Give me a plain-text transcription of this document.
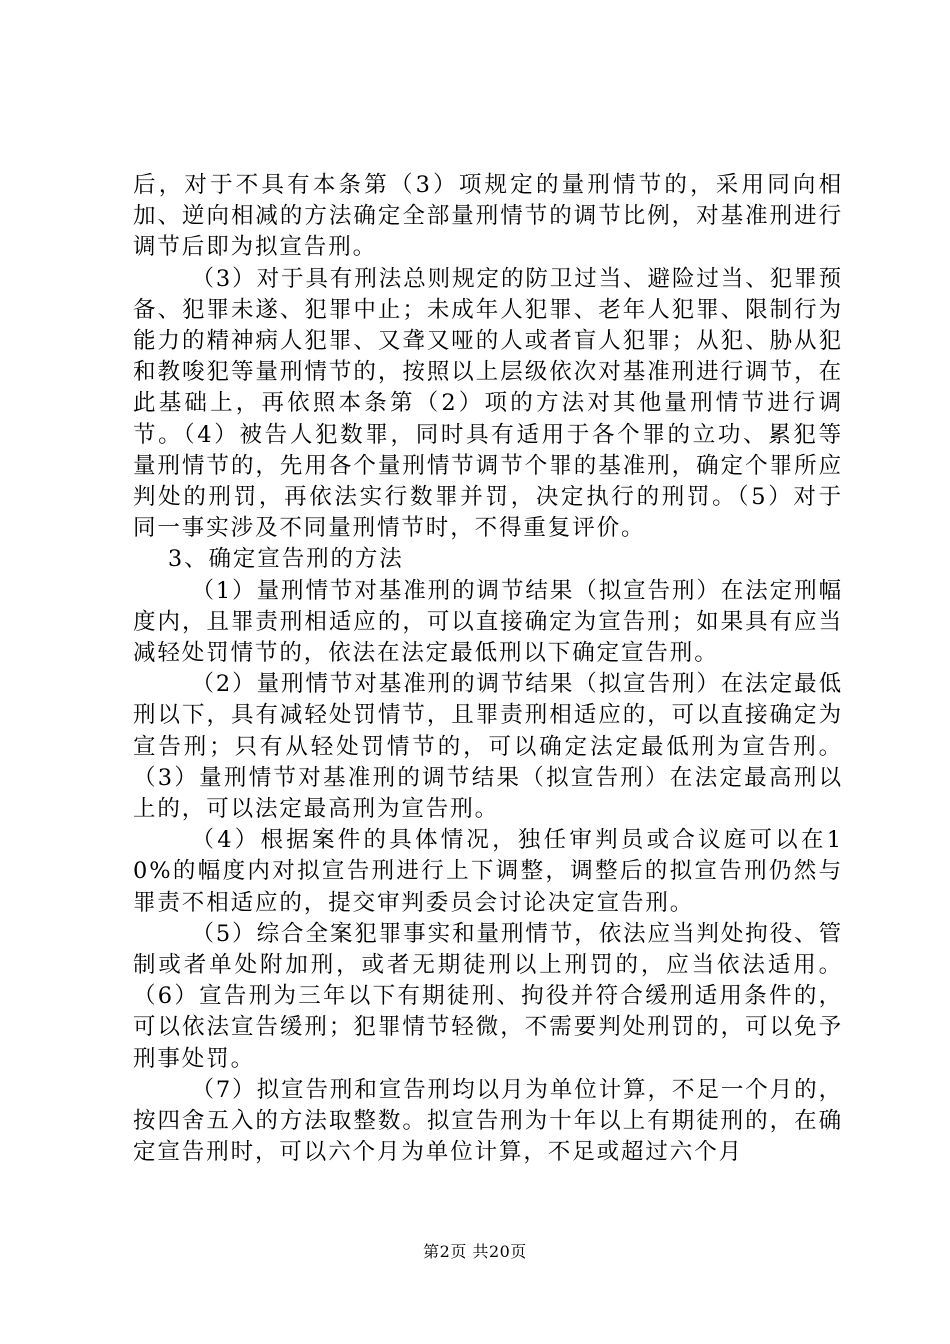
后，对于不具有本条第（3）项规定的量刑情节的，采用同向相加、逆向相减的方法确定全部量刑情节的调节比例，对基准刑进行调节后即为拟宣告刑。

（3）对于具有刑法总则规定的防卫过当、避险过当、犯罪预备、犯罪未遂、犯罪中止；未成年人犯罪、老年人犯罪、限制行为能力的精神病人犯罪、又聋又哑的人或者盲人犯罪；从犯、胁从犯和教唆犯等量刑情节的，按照以上层级依次对基准刑进行调节，在此基础上，再依照本条第（2）项的方法对其他量刑情节进行调节。（4）被告人犯数罪，同时具有适用于各个罪的立功、累犯等量刑情节的，先用各个量刑情节调节个罪的基准刑，确定个罪所应判处的刑罚，再依法实行数罪并罚，决定执行的刑罚。（5）对于同一事实涉及不同量刑情节时，不得重复评价。

3、确定宣告刑的方法

（1）量刑情节对基准刑的调节结果（拟宣告刑）在法定刑幅度内，且罪责刑相适应的，可以直接确定为宣告刑；如果具有应当减轻处罚情节的，依法在法定最低刑以下确定宣告刑。

（2）量刑情节对基准刑的调节结果（拟宣告刑）在法定最低刑以下，具有减轻处罚情节，且罪责刑相适应的，可以直接确定为宣告刑；只有从轻处罚情节的，可以确定法定最低刑为宣告刑。（3）量刑情节对基准刑的调节结果（拟宣告刑）在法定最高刑以上的，可以法定最高刑为宣告刑。

（4）根据案件的具体情况，独任审判员或合议庭可以在10%的幅度内对拟宣告刑进行上下调整，调整后的拟宣告刑仍然与罪责不相适应的，提交审判委员会讨论决定宣告刑。

（5）综合全案犯罪事实和量刑情节，依法应当判处拘役、管制或者单处附加刑，或者无期徒刑以上刑罚的，应当依法适用。（6）宣告刑为三年以下有期徒刑、拘役并符合缓刑适用条件的，可以依法宣告缓刑；犯罪情节轻微，不需要判处刑罚的，可以免予刑事处罚。

（7）拟宣告刑和宣告刑均以月为单位计算，不足一个月的，按四舍五入的方法取整数。拟宣告刑为十年以上有期徒刑的，在确定宣告刑时，可以六个月为单位计算，不足或超过六个月

第2页 共20页
